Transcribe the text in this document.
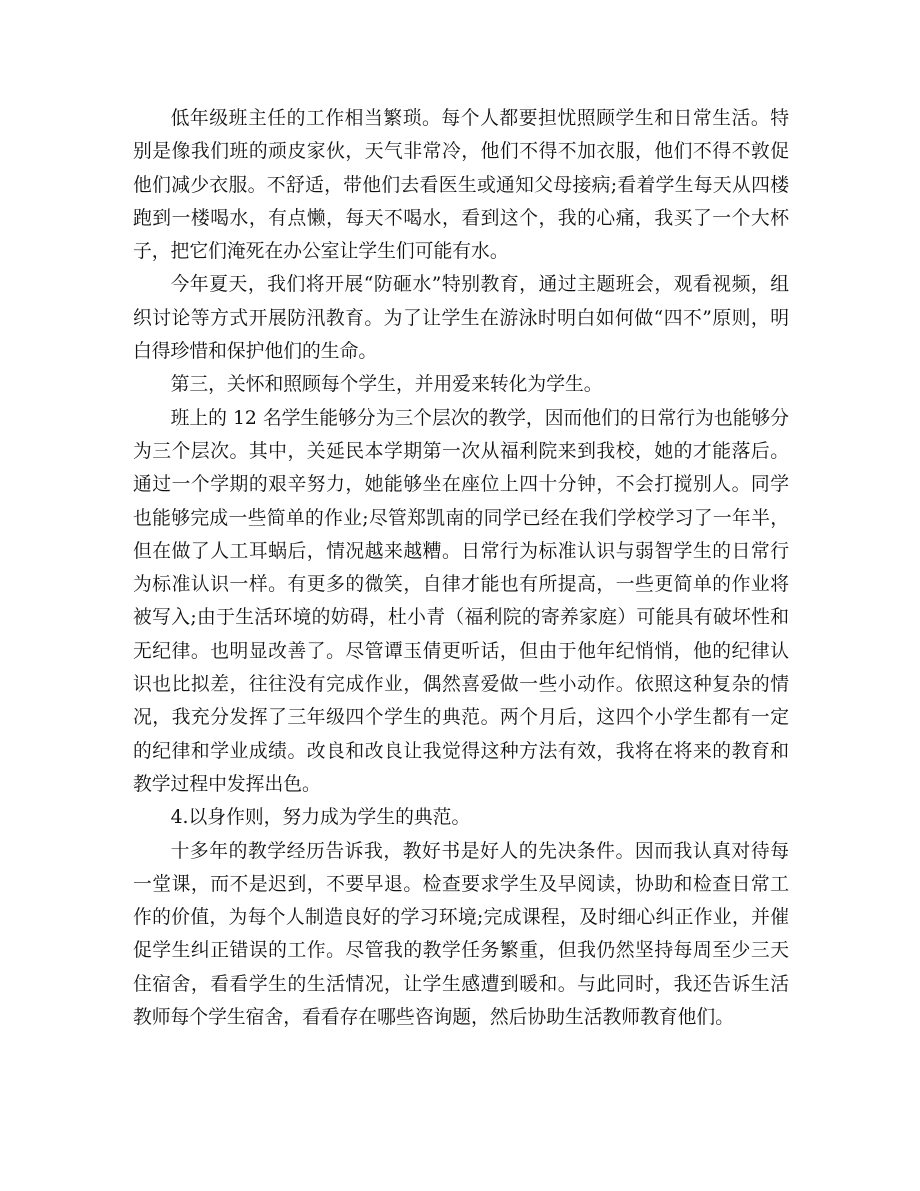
低年级班主任的工作相当繁琐。每个人都要担忧照顾学生和日常生活。特别是像我们班的顽皮家伙，天气非常冷，他们不得不加衣服，他们不得不敦促他们减少衣服。不舒适，带他们去看医生或通知父母接病;看着学生每天从四楼跑到一楼喝水，有点懒，每天不喝水，看到这个，我的心痛，我买了一个大杯子，把它们淹死在办公室让学生们可能有水。

今年夏天，我们将开展“防砸水”特别教育，通过主题班会，观看视频，组织讨论等方式开展防汛教育。为了让学生在游泳时明白如何做“四不”原则，明白得珍惜和保护他们的生命。

第三，关怀和照顾每个学生，并用爱来转化为学生。

班上的 12 名学生能够分为三个层次的教学，因而他们的日常行为也能够分为三个层次。其中，关延民本学期第一次从福利院来到我校，她的才能落后。通过一个学期的艰辛努力，她能够坐在座位上四十分钟，不会打搅别人。同学也能够完成一些简单的作业;尽管郑凯南的同学已经在我们学校学习了一年半，但在做了人工耳蜗后，情况越来越糟。日常行为标准认识与弱智学生的日常行为标准认识一样。有更多的微笑，自律才能也有所提高，一些更简单的作业将被写入;由于生活环境的妨碍，杜小青（福利院的寄养家庭）可能具有破坏性和无纪律。也明显改善了。尽管谭玉倩更听话，但由于他年纪悄悄，他的纪律认识也比拟差，往往没有完成作业，偶然喜爱做一些小动作。依照这种复杂的情况，我充分发挥了三年级四个学生的典范。两个月后，这四个小学生都有一定的纪律和学业成绩。改良和改良让我觉得这种方法有效，我将在将来的教育和教学过程中发挥出色。

4.以身作则，努力成为学生的典范。

十多年的教学经历告诉我，教好书是好人的先决条件。因而我认真对待每一堂课，而不是迟到，不要早退。检查要求学生及早阅读，协助和检查日常工作的价值，为每个人制造良好的学习环境;完成课程，及时细心纠正作业，并催促学生纠正错误的工作。尽管我的教学任务繁重，但我仍然坚持每周至少三天住宿舍，看看学生的生活情况，让学生感遭到暖和。与此同时，我还告诉生活教师每个学生宿舍，看看存在哪些咨询题，然后协助生活教师教育他们。
